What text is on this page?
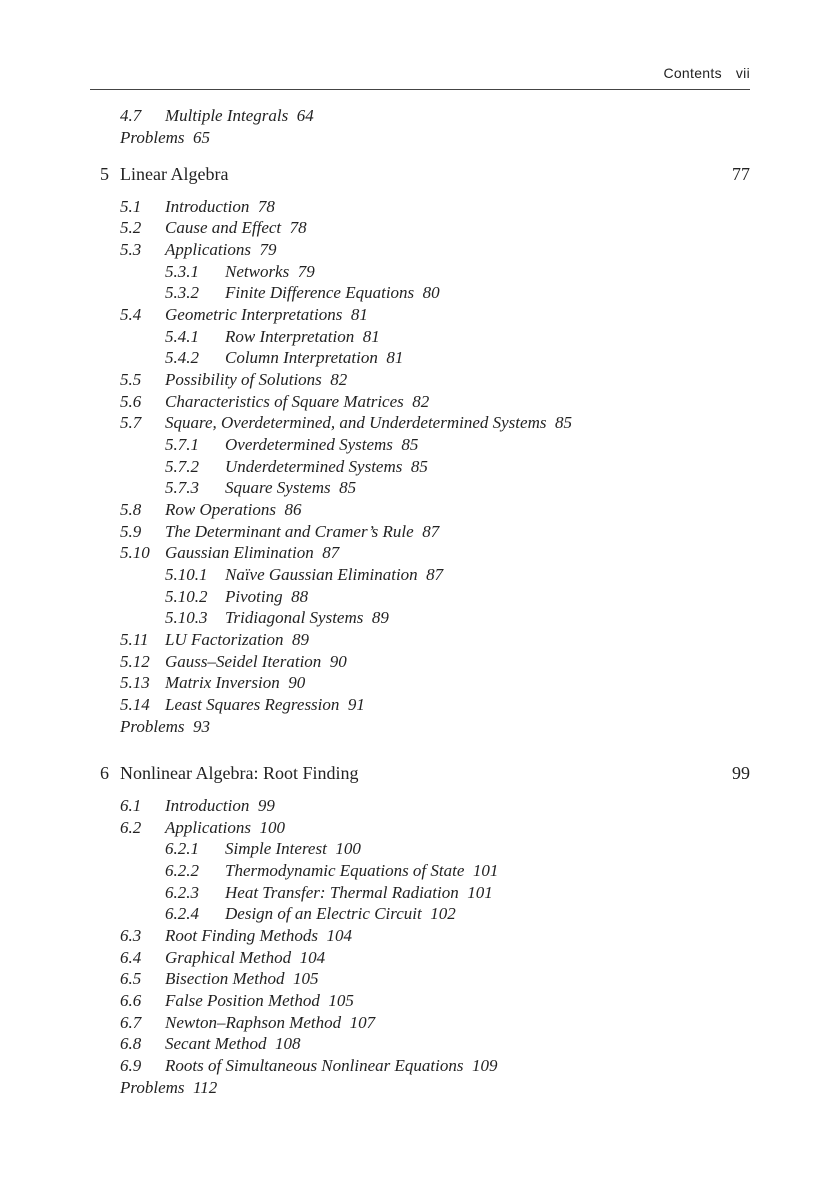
Contents vii
4.7 Multiple Integrals 64
Problems 65
5 Linear Algebra	77
5.1 Introduction 78
5.2 Cause and Effect 78
5.3 Applications 79
5.3.1 Networks 79
5.3.2 Finite Difference Equations 80
5.4 Geometric Interpretations 81
5.4.1 Row Interpretation 81
5.4.2 Column Interpretation 81
5.5 Possibility of Solutions 82
5.6 Characteristics of Square Matrices 82
5.7 Square, Overdetermined, and Underdetermined Systems 85
5.7.1 Overdetermined Systems 85
5.7.2 Underdetermined Systems 85
5.7.3 Square Systems 85
5.8 Row Operations 86
5.9 The Determinant and Cramer’s Rule 87
5.10 Gaussian Elimination 87
5.10.1 Naïve Gaussian Elimination 87
5.10.2 Pivoting 88
5.10.3 Tridiagonal Systems 89
5.11 LU Factorization 89
5.12 Gauss–Seidel Iteration 90
5.13 Matrix Inversion 90
5.14 Least Squares Regression 91
Problems 93
6 Nonlinear Algebra: Root Finding	99
6.1 Introduction 99
6.2 Applications 100
6.2.1 Simple Interest 100
6.2.2 Thermodynamic Equations of State 101
6.2.3 Heat Transfer: Thermal Radiation 101
6.2.4 Design of an Electric Circuit 102
6.3 Root Finding Methods 104
6.4 Graphical Method 104
6.5 Bisection Method 105
6.6 False Position Method 105
6.7 Newton–Raphson Method 107
6.8 Secant Method 108
6.9 Roots of Simultaneous Nonlinear Equations 109
Problems 112
